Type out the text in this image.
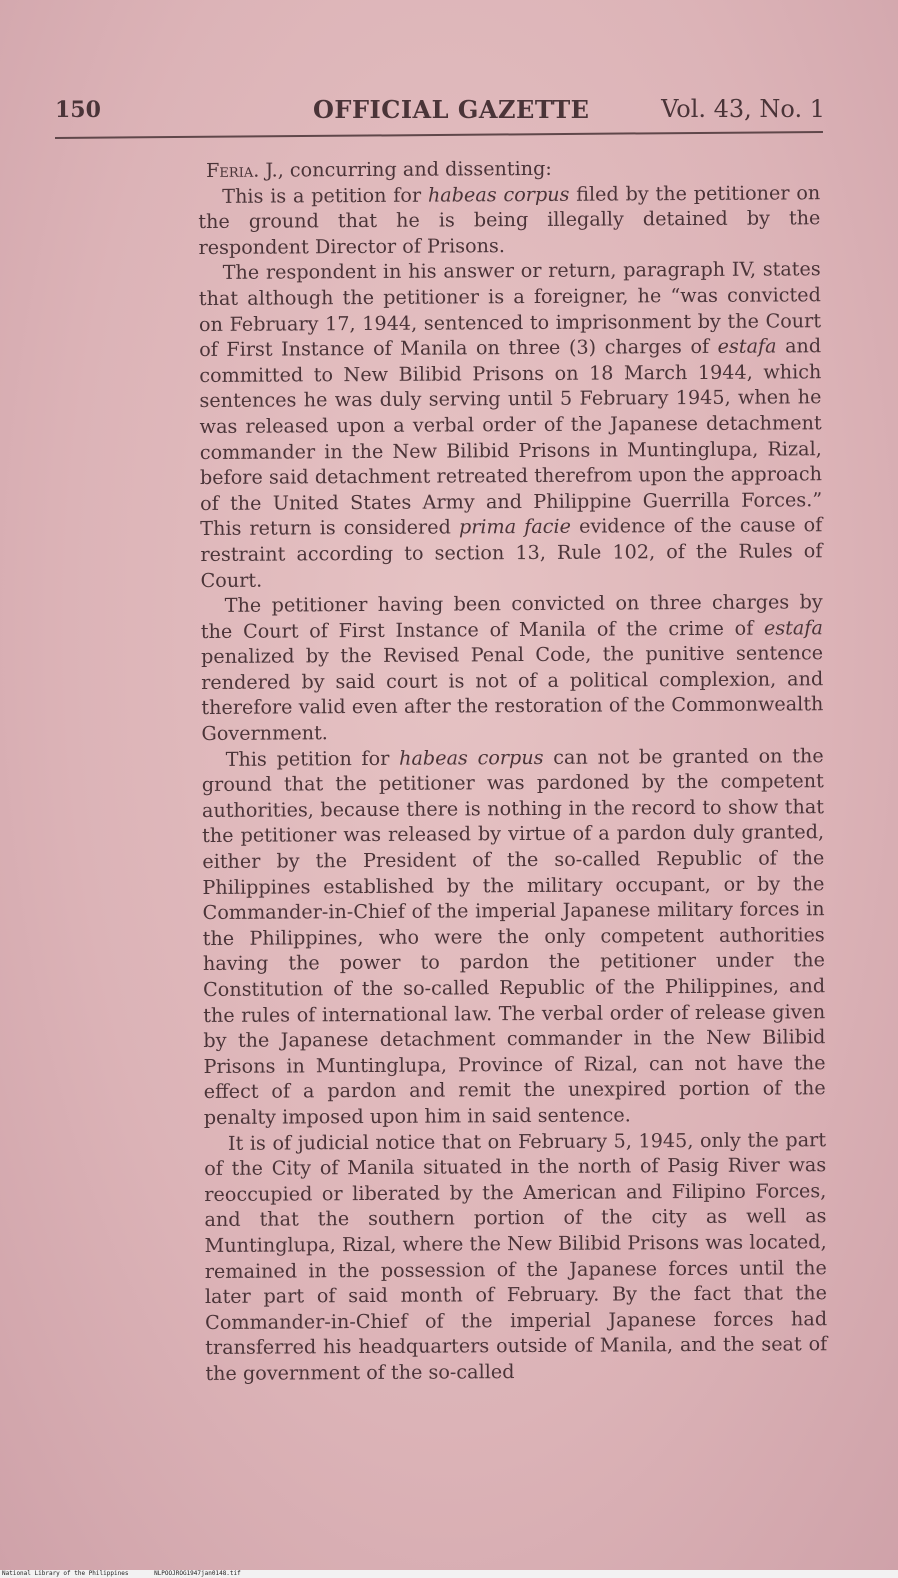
150	OFFICIAL GAZETTE	Vol. 43, No. 1

Feria. J., concurring and dissenting:

This is a petition for habeas corpus filed by the petitioner on the ground that he is being illegally detained by the respondent Director of Prisons.

The respondent in his answer or return, paragraph IV, states that although the petitioner is a foreigner, he “was convicted on February 17, 1944, sentenced to imprisonment by the Court of First Instance of Manila on three (3) charges of estafa and committed to New Bilibid Prisons on 18 March 1944, which sentences he was duly serving until 5 February 1945, when he was released upon a verbal order of the Japanese detachment commander in the New Bilibid Prisons in Muntinglupa, Rizal, before said detachment retreated therefrom upon the approach of the United States Army and Philippine Guerrilla Forces.” This return is considered prima facie evidence of the cause of restraint according to section 13, Rule 102, of the Rules of Court.

The petitioner having been convicted on three charges by the Court of First Instance of Manila of the crime of estafa penalized by the Revised Penal Code, the punitive sentence rendered by said court is not of a political complexion, and therefore valid even after the restoration of the Commonwealth Government.

This petition for habeas corpus can not be granted on the ground that the petitioner was pardoned by the competent authorities, because there is nothing in the record to show that the petitioner was released by virtue of a pardon duly granted, either by the President of the so-called Republic of the Philippines established by the military occupant, or by the Commander-in-Chief of the imperial Japanese military forces in the Philippines, who were the only competent authorities having the power to pardon the petitioner under the Constitution of the so-called Republic of the Philippines, and the rules of international law. The verbal order of release given by the Japanese detachment commander in the New Bilibid Prisons in Muntinglupa, Province of Rizal, can not have the effect of a pardon and remit the unexpired portion of the penalty imposed upon him in said sentence.

It is of judicial notice that on February 5, 1945, only the part of the City of Manila situated in the north of Pasig River was reoccupied or liberated by the American and Filipino Forces, and that the southern portion of the city as well as Muntinglupa, Rizal, where the New Bilibid Prisons was located, remained in the possession of the Japanese forces until the later part of said month of February. By the fact that the Commander-in-Chief of the imperial Japanese forces had transferred his headquarters outside of Manila, and the seat of the government of the so-called

National Library of the Philippines	NLPOOJROG1947jan0148.tif
